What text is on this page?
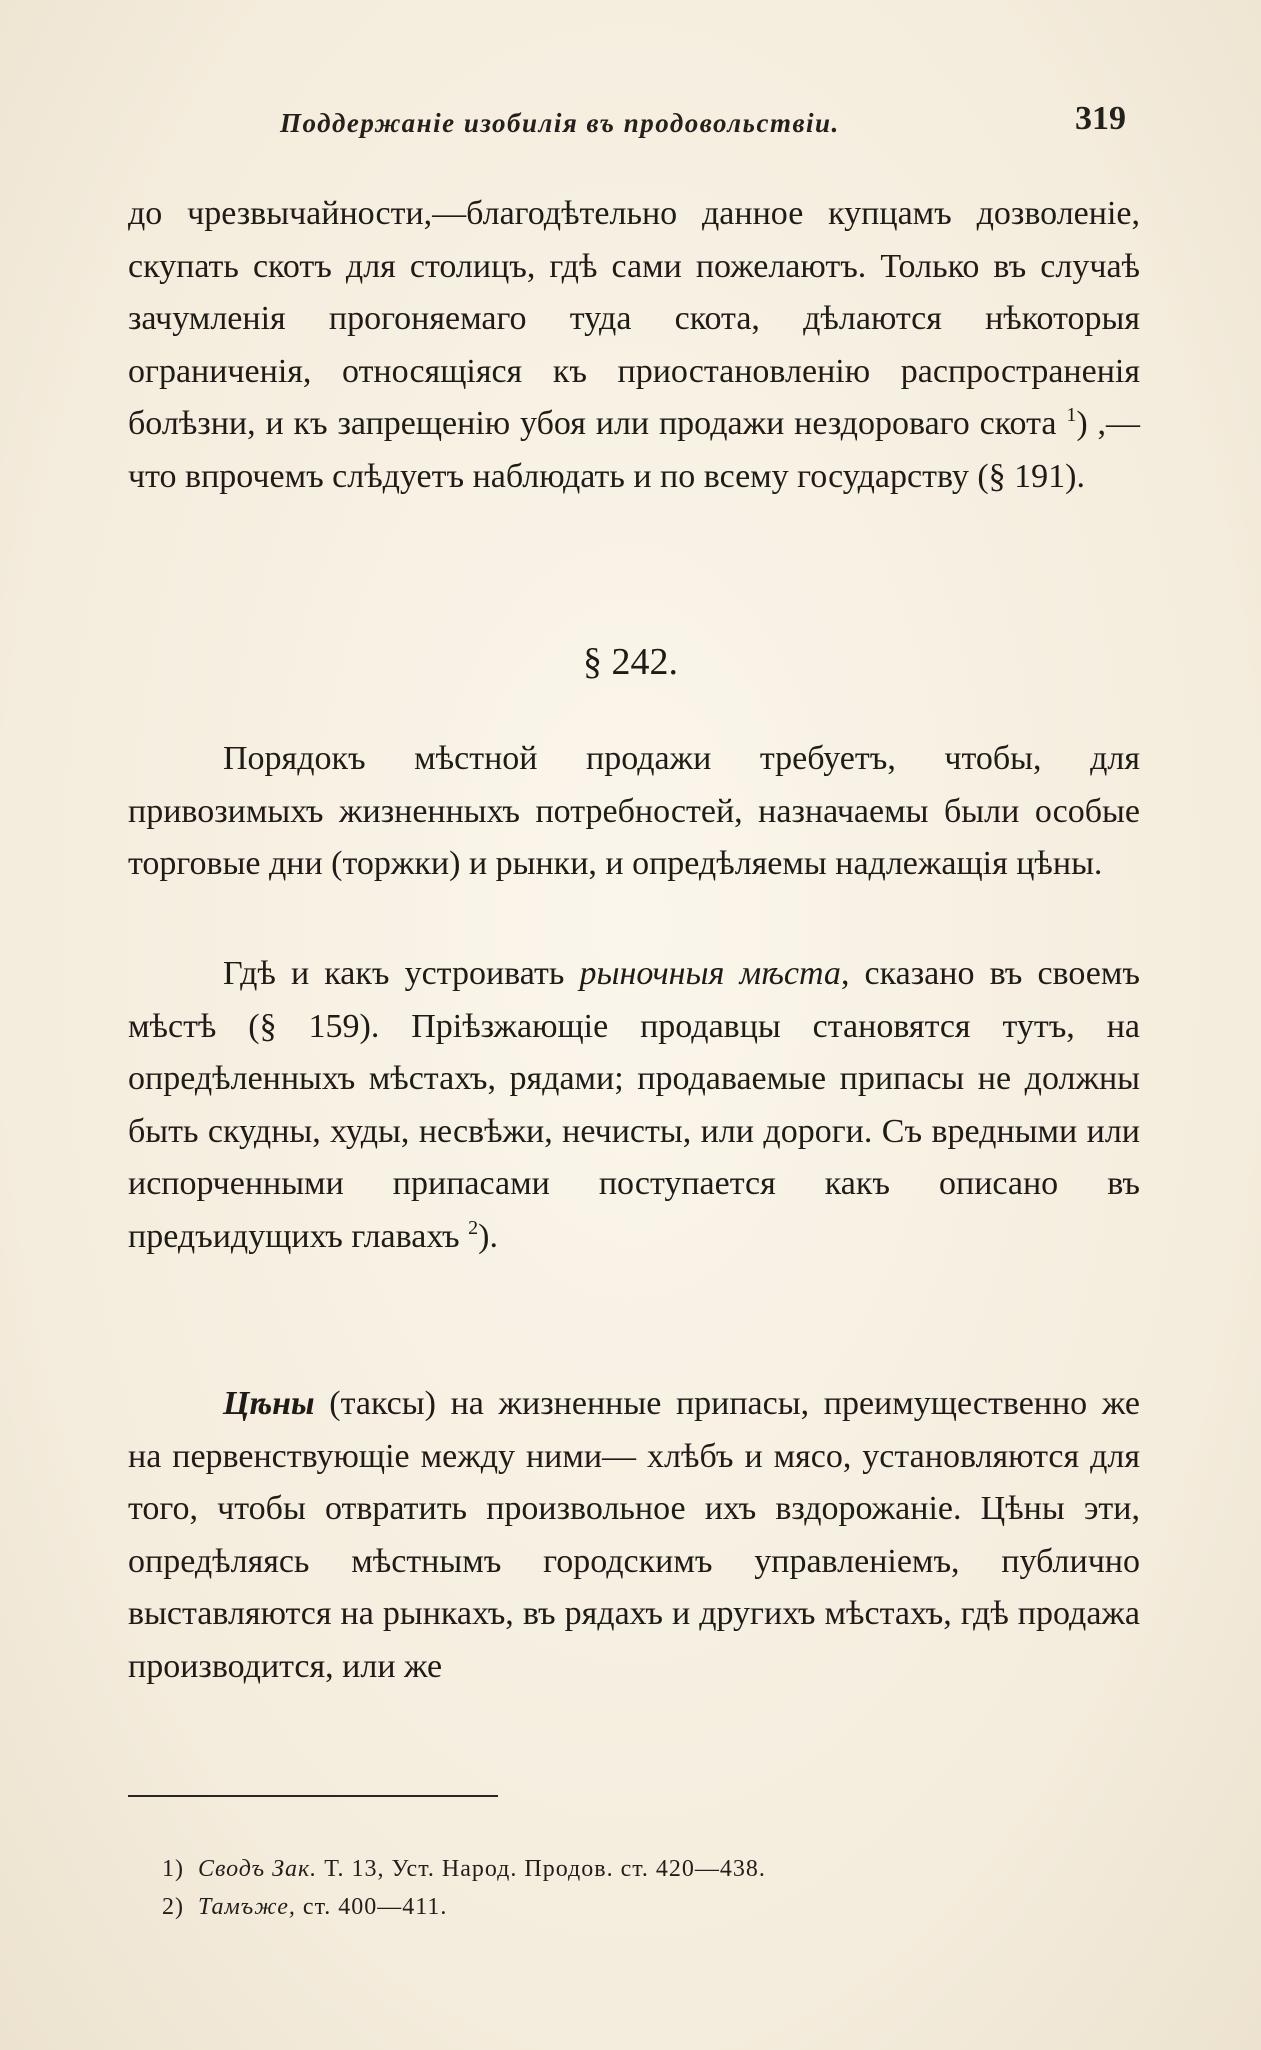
Поддержаніе изобилія въ продовольствіи.	319
до чрезвычайности,—благодѣтельно данное купцамъ дозволеніе, скупать скотъ для столицъ, гдѣ сами пожелаютъ. Только въ случаѣ зачумленія прогоняемаго туда скота, дѣлаются нѣкоторыя ограниченія, относящіяся къ приостановленію распространенія болѣзни, и къ запрещенію убоя или продажи нездороваго скота $^1$) ,— что впрочемъ слѣдуетъ наблюдать и по всему государству (§ 191).
§ 242.
Порядокъ мѣстной продажи требуетъ, чтобы, для привозимыхъ жизненныхъ потребностей, назначаемы были особые торговые дни (торжки) и рынки, и опредѣляемы надлежащія цѣны.
Гдѣ и какъ устроивать рыночныя мѣста, сказано въ своемъ мѣстѣ (§ 159). Пріѣзжающіе продавцы становятся тутъ, на опредѣленныхъ мѣстахъ, рядами; продаваемые припасы не должны быть скудны, худы, несвѣжи, нечисты, или дороги. Съ вредными или испорченными припасами поступается какъ описано въ предъидущихъ главахъ $^2$).
Цѣны (таксы) на жизненные припасы, преимущественно же на первенствующіе между ними— хлѣбъ и мясо, установляются для того, чтобы отвратить произвольное ихъ вздорожаніе. Цѣны эти, опредѣляясь мѣстнымъ городскимъ управленіемъ, публично выставляются на рынкахъ, въ рядахъ и другихъ мѣстахъ, гдѣ продажа производится, или же
1) Сводъ Зак. Т. 13, Уст. Народ. Продов. ст. 420—438.
2) Тамъже, ст. 400—411.
